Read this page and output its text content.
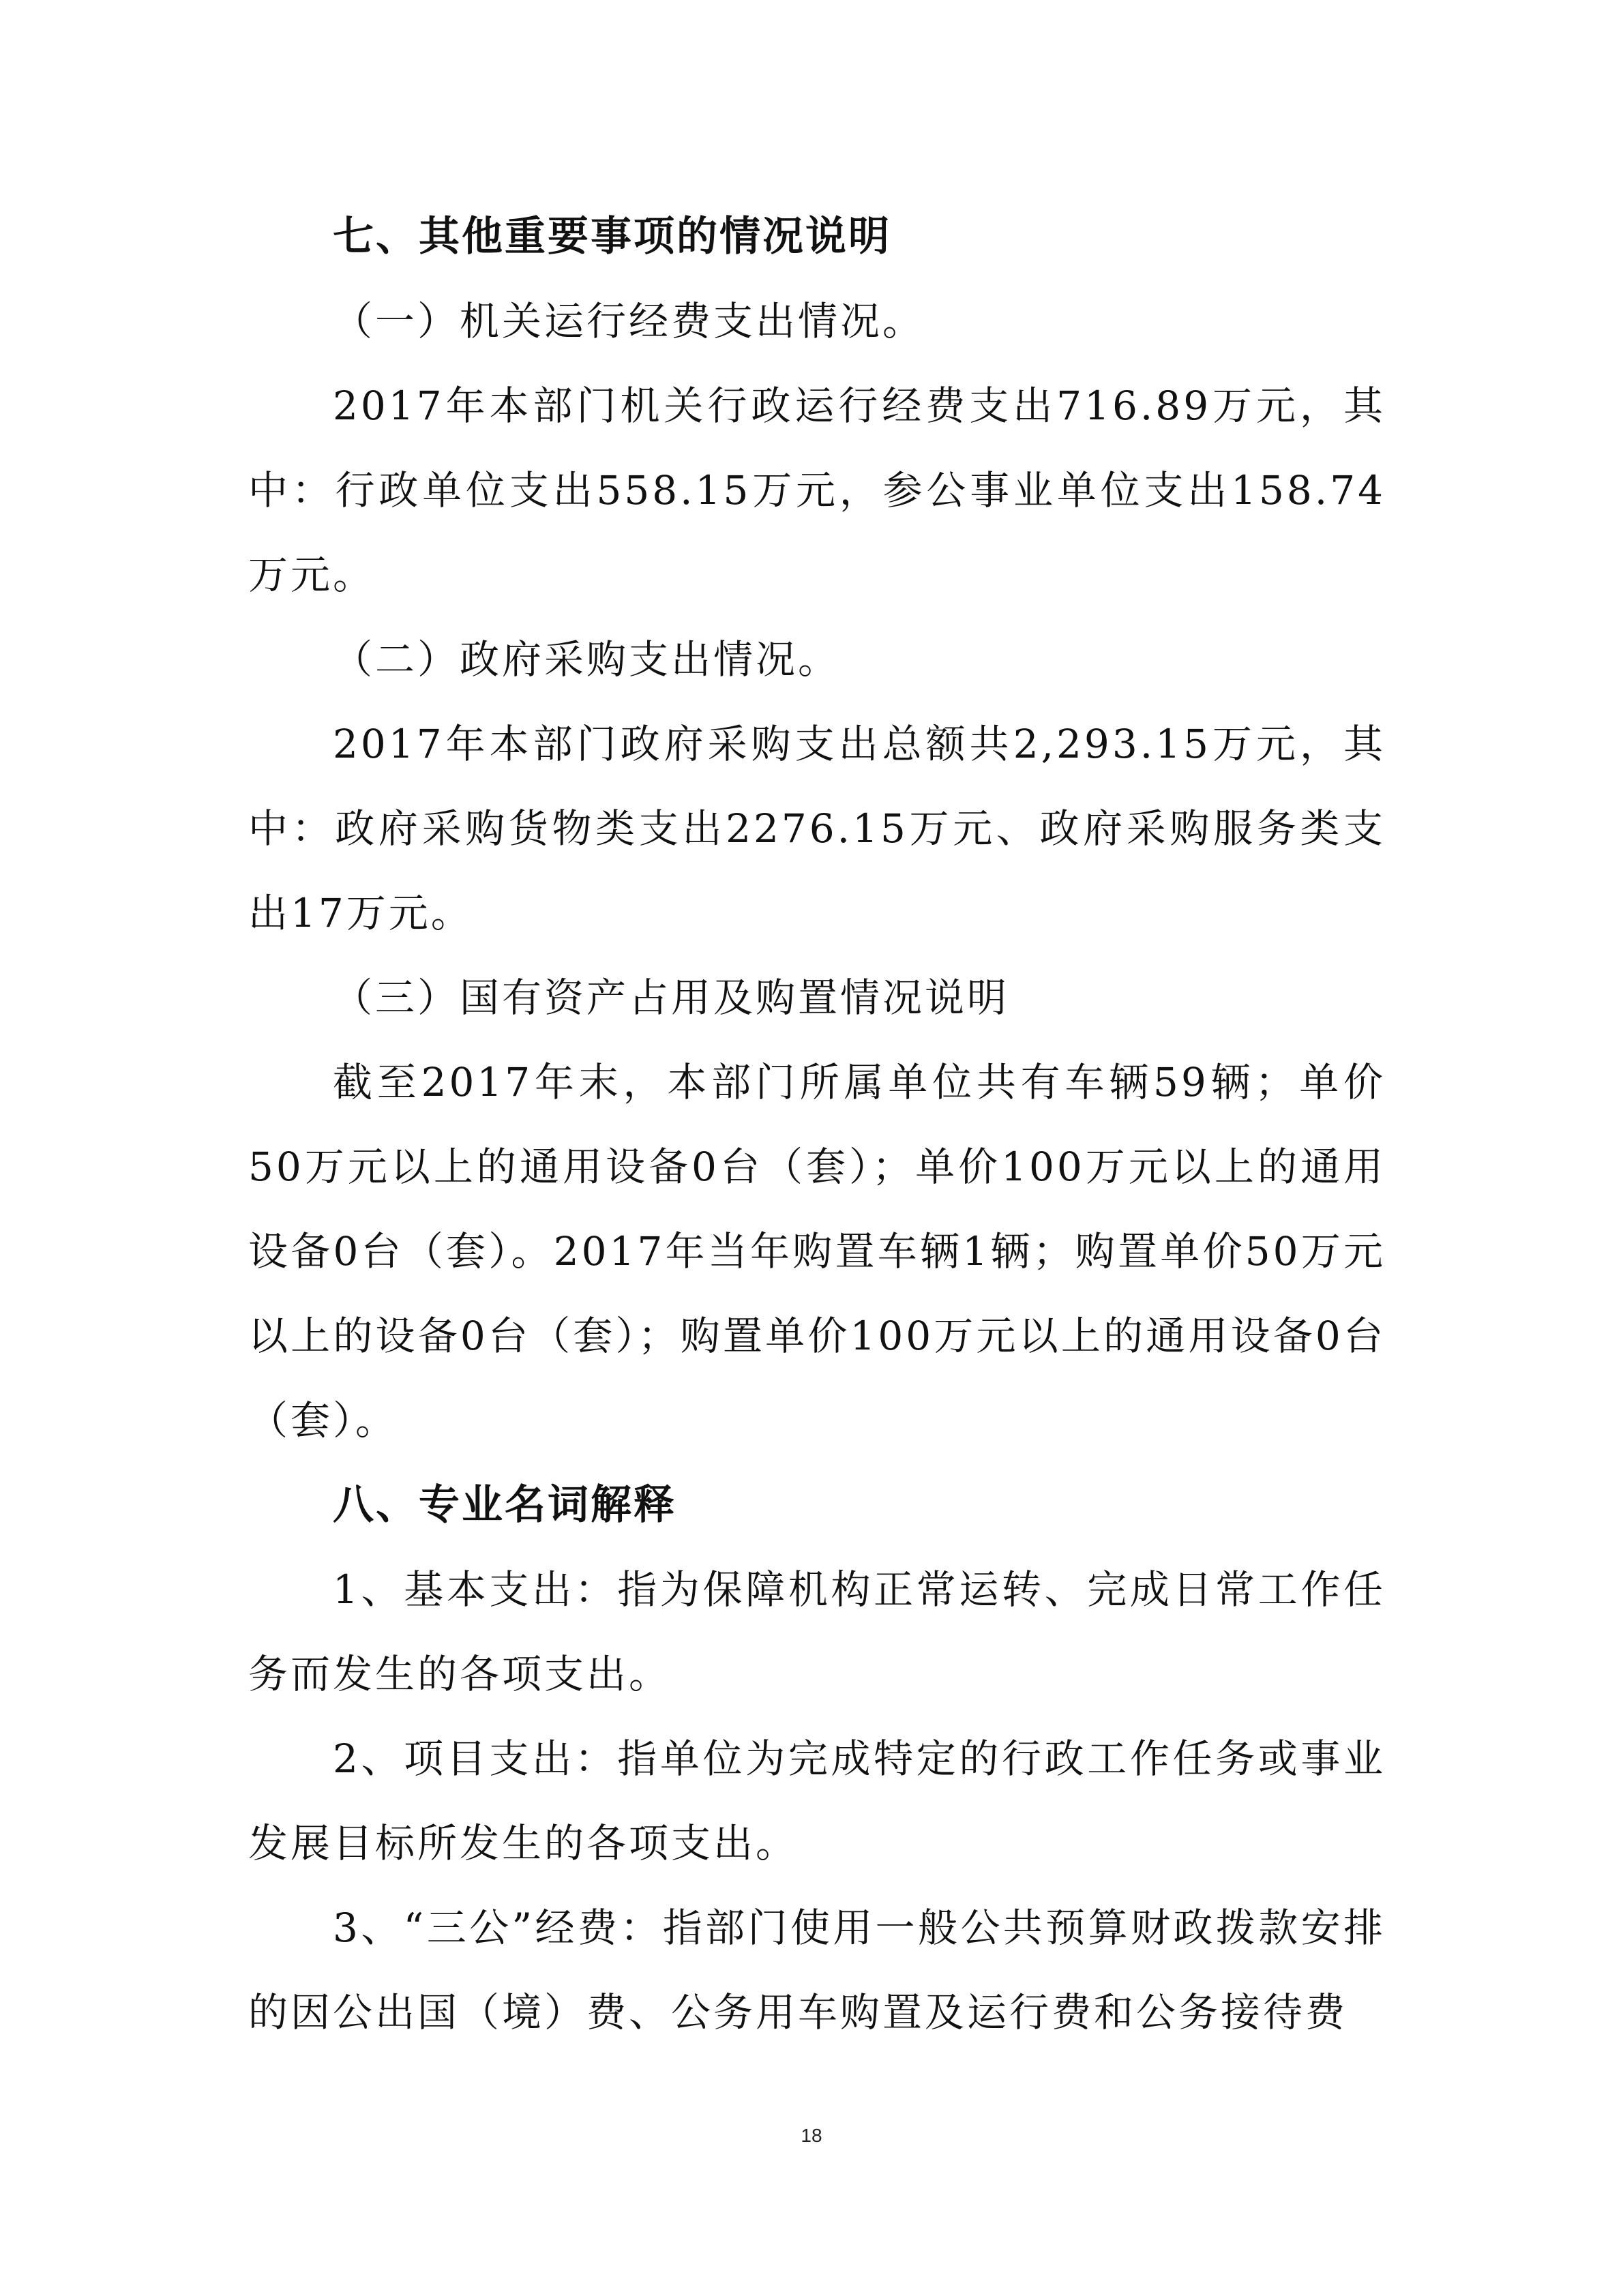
七、其他重要事项的情况说明

（一）机关运行经费支出情况。

2017年本部门机关行政运行经费支出716.89万元，其中：行政单位支出558.15万元，参公事业单位支出158.74万元。

（二）政府采购支出情况。

2017年本部门政府采购支出总额共2,293.15万元，其中：政府采购货物类支出2276.15万元、政府采购服务类支出17万元。

（三）国有资产占用及购置情况说明

截至2017年末，本部门所属单位共有车辆59辆；单价50万元以上的通用设备0台（套）；单价100万元以上的通用设备0台（套）。2017年当年购置车辆1辆；购置单价50万元以上的设备0台（套）；购置单价100万元以上的通用设备0台（套）。

八、专业名词解释

1、基本支出：指为保障机构正常运转、完成日常工作任务而发生的各项支出。

2、项目支出：指单位为完成特定的行政工作任务或事业发展目标所发生的各项支出。

3、“三公”经费：指部门使用一般公共预算财政拨款安排的因公出国（境）费、公务用车购置及运行费和公务接待费

18
